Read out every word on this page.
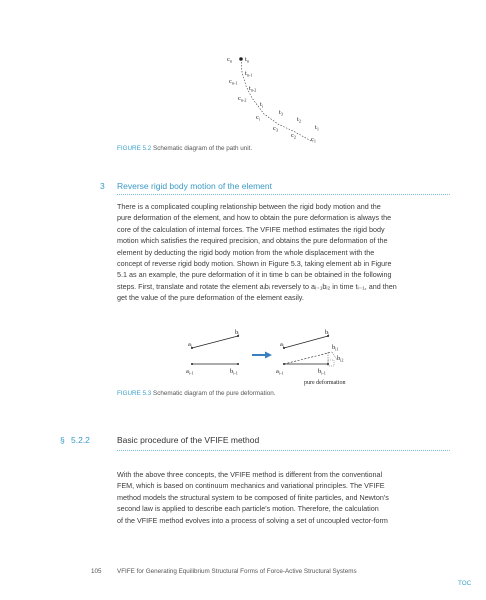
$c_n$ $t_n$
$t_{n-1}$
$c_{n-1}$
$t_{n-2}$
$c_{n-2}$
$t_i$
$c_i$
$t_3$
$c_3$
$t_2$
$c_2$
$t_1$
$c_1$
FIGURE 5.2 Schematic diagram of the path unit.
3 Reverse rigid body motion of the element

There is a complicated coupling relationship between the rigid body motion and the

pure deformation of the element, and how to obtain the pure deformation is always the

core of the calculation of internal forces. The VFIFE method estimates the rigid body

motion which satisfies the required precision, and obtains the pure deformation of the

element by deducting the rigid body motion from the whole displacement with the

concept of reverse rigid body motion. Shown in Figure 5.3, taking element ab in Figure

5.1 as an example, the pure deformation of it in time b can be obtained in the following

steps. First, translate and rotate the element aᵢbᵢ reversely to aᵢ₋₁bᵢ₂ in time tᵢ₋₁, and then

get the value of the pure deformation of the element easily.

$a_i$
$b_i$
$a_{i-1}$	$b_{i-1}$
$a_i$
$b_i$
$b_{i1}$
$b_{i2}$
$a_{i-1}$	$b_{i-1}$
pure deformation
FIGURE 5.3 Schematic diagram of the pure deformation.
§ 5.2.2	Basic procedure of the VFIFE method

With the above three concepts, the VFIFE method is different from the conventional

FEM, which is based on continuum mechanics and variational principles. The VFIFE

method models the structural system to be composed of finite particles, and Newton's

second law is applied to describe each particle's motion. Therefore, the calculation

of the VFIFE method evolves into a process of solving a set of uncoupled vector-form

105 VFIFE for Generating Equilibrium Structural Forms of Force-Active Structural Systems
TOC
